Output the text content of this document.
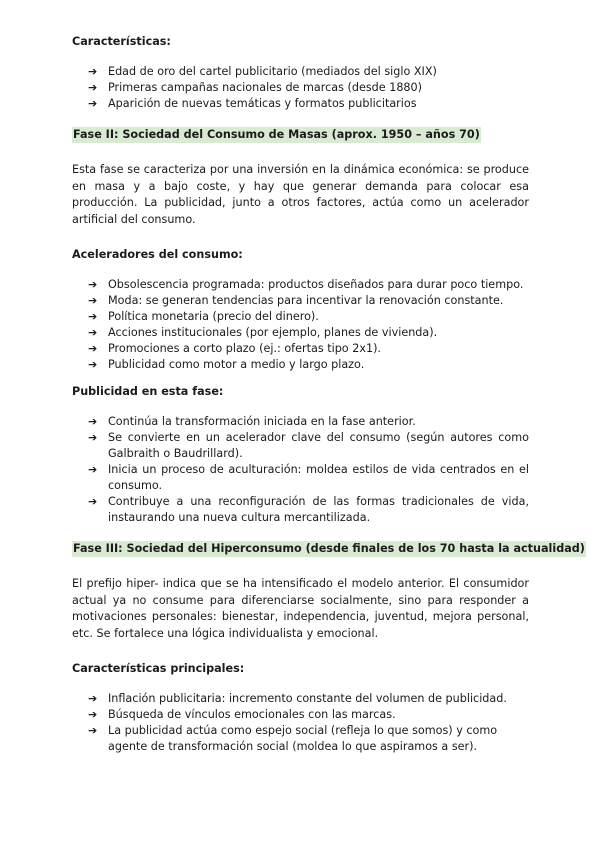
Características:

➔ Edad de oro del cartel publicitario (mediados del siglo XIX)
➔ Primeras campañas nacionales de marcas (desde 1880)
➔ Aparición de nuevas temáticas y formatos publicitarios

Fase II: Sociedad del Consumo de Masas (aprox. 1950 – años 70)

Esta fase se caracteriza por una inversión en la dinámica económica: se produce en masa y a bajo coste, y hay que generar demanda para colocar esa producción. La publicidad, junto a otros factores, actúa como un acelerador artificial del consumo.

Aceleradores del consumo:

➔ Obsolescencia programada: productos diseñados para durar poco tiempo.
➔ Moda: se generan tendencias para incentivar la renovación constante.
➔ Política monetaria (precio del dinero).
➔ Acciones institucionales (por ejemplo, planes de vivienda).
➔ Promociones a corto plazo (ej.: ofertas tipo 2x1).
➔ Publicidad como motor a medio y largo plazo.

Publicidad en esta fase:

➔ Continúa la transformación iniciada en la fase anterior.
➔ Se convierte en un acelerador clave del consumo (según autores como Galbraith o Baudrillard).
➔ Inicia un proceso de aculturación: moldea estilos de vida centrados en el consumo.
➔ Contribuye a una reconfiguración de las formas tradicionales de vida, instaurando una nueva cultura mercantilizada.

Fase III: Sociedad del Hiperconsumo (desde finales de los 70 hasta la actualidad)

El prefijo hiper- indica que se ha intensificado el modelo anterior. El consumidor actual ya no consume para diferenciarse socialmente, sino para responder a motivaciones personales: bienestar, independencia, juventud, mejora personal, etc. Se fortalece una lógica individualista y emocional.

Características principales:

➔ Inflación publicitaria: incremento constante del volumen de publicidad.
➔ Búsqueda de vínculos emocionales con las marcas.
➔ La publicidad actúa como espejo social (refleja lo que somos) y como agente de transformación social (moldea lo que aspiramos a ser).
